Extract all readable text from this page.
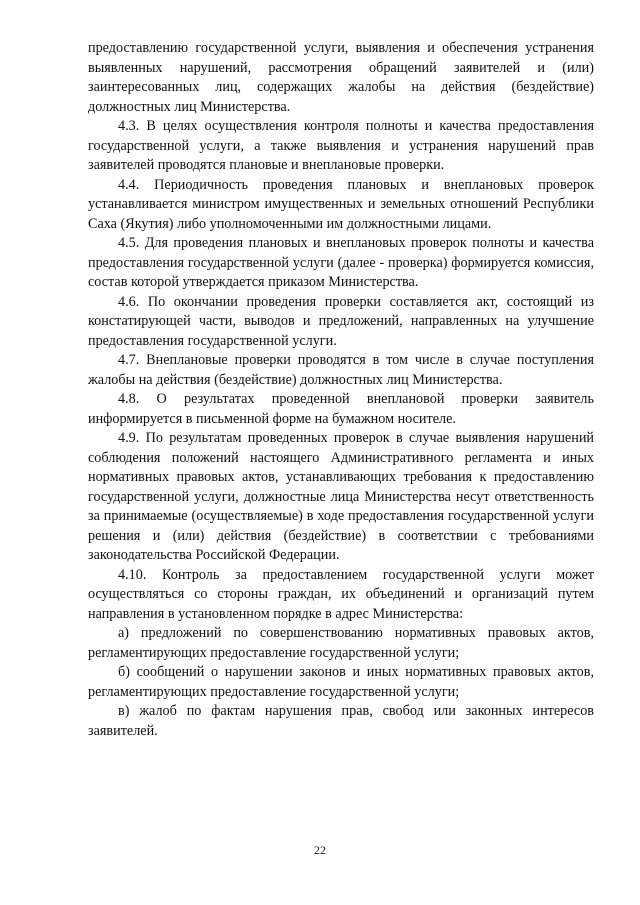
предоставлению государственной услуги, выявления и обеспечения устранения выявленных нарушений, рассмотрения обращений заявителей и (или) заинтересованных лиц, содержащих жалобы на действия (бездействие) должностных лиц Министерства.

4.3. В целях осуществления контроля полноты и качества предоставления государственной услуги, а также выявления и устранения нарушений прав заявителей проводятся плановые и внеплановые проверки.

4.4. Периодичность проведения плановых и внеплановых проверок устанавливается министром имущественных и земельных отношений Республики Саха (Якутия) либо уполномоченными им должностными лицами.

4.5. Для проведения плановых и внеплановых проверок полноты и качества предоставления государственной услуги (далее - проверка) формируется комиссия, состав которой утверждается приказом Министерства.

4.6. По окончании проведения проверки составляется акт, состоящий из констатирующей части, выводов и предложений, направленных на улучшение предоставления государственной услуги.

4.7. Внеплановые проверки проводятся в том числе в случае поступления жалобы на действия (бездействие) должностных лиц Министерства.

4.8. О результатах проведенной внеплановой проверки заявитель информируется в письменной форме на бумажном носителе.

4.9. По результатам проведенных проверок в случае выявления нарушений соблюдения положений настоящего Административного регламента и иных нормативных правовых актов, устанавливающих требования к предоставлению государственной услуги, должностные лица Министерства несут ответственность за принимаемые (осуществляемые) в ходе предоставления государственной услуги решения и (или) действия (бездействие) в соответствии с требованиями законодательства Российской Федерации.

4.10. Контроль за предоставлением государственной услуги может осуществляться со стороны граждан, их объединений и организаций путем направления в установленном порядке в адрес Министерства:

а) предложений по совершенствованию нормативных правовых актов, регламентирующих предоставление государственной услуги;

б) сообщений о нарушении законов и иных нормативных правовых актов, регламентирующих предоставление государственной услуги;

в) жалоб по фактам нарушения прав, свобод или законных интересов заявителей.

22
